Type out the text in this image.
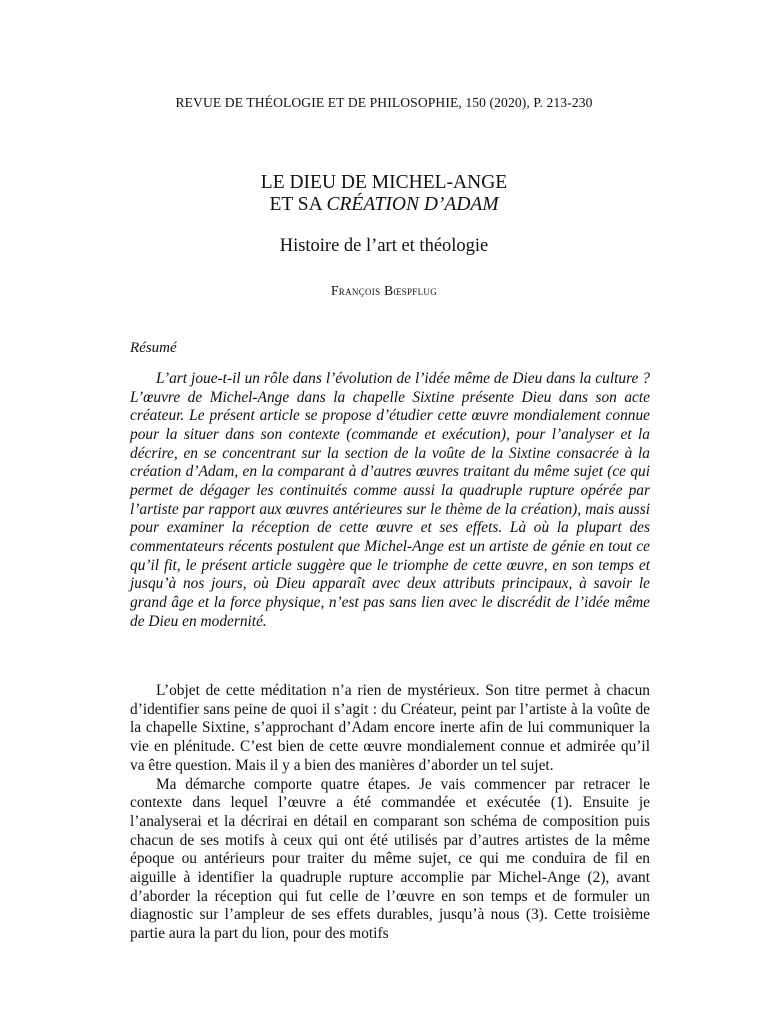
REVUE DE THÉOLOGIE ET DE PHILOSOPHIE, 150 (2020), P. 213-230
LE DIEU DE MICHEL-ANGE
ET SA CRÉATION D’ADAM
Histoire de l’art et théologie
François Bœspflug
Résumé

L’art joue-t-il un rôle dans l’évolution de l’idée même de Dieu dans la culture ? L’œuvre de Michel-Ange dans la chapelle Sixtine présente Dieu dans son acte créateur. Le présent article se propose d’étudier cette œuvre mondialement connue pour la situer dans son contexte (commande et exécution), pour l’analyser et la décrire, en se concentrant sur la section de la voûte de la Sixtine consacrée à la création d’Adam, en la comparant à d’autres œuvres traitant du même sujet (ce qui permet de dégager les continuités comme aussi la quadruple rupture opérée par l’artiste par rapport aux œuvres antérieures sur le thème de la création), mais aussi pour examiner la réception de cette œuvre et ses effets. Là où la plupart des commentateurs récents postulent que Michel-Ange est un artiste de génie en tout ce qu’il fit, le présent article suggère que le triomphe de cette œuvre, en son temps et jusqu’à nos jours, où Dieu apparaît avec deux attributs principaux, à savoir le grand âge et la force physique, n’est pas sans lien avec le discrédit de l’idée même de Dieu en modernité.

L’objet de cette méditation n’a rien de mystérieux. Son titre permet à chacun d’identifier sans peine de quoi il s’agit : du Créateur, peint par l’artiste à la voûte de la chapelle Sixtine, s’approchant d’Adam encore inerte afin de lui communiquer la vie en plénitude. C’est bien de cette œuvre mondialement connue et admirée qu’il va être question. Mais il y a bien des manières d’aborder un tel sujet.

Ma démarche comporte quatre étapes. Je vais commencer par retracer le contexte dans lequel l’œuvre a été commandée et exécutée (1). Ensuite je l’analyserai et la décrirai en détail en comparant son schéma de composition puis chacun de ses motifs à ceux qui ont été utilisés par d’autres artistes de la même époque ou antérieurs pour traiter du même sujet, ce qui me conduira de fil en aiguille à identifier la quadruple rupture accomplie par Michel-Ange (2), avant d’aborder la réception qui fut celle de l’œuvre en son temps et de formuler un diagnostic sur l’ampleur de ses effets durables, jusqu’à nous (3). Cette troisième partie aura la part du lion, pour des motifs
